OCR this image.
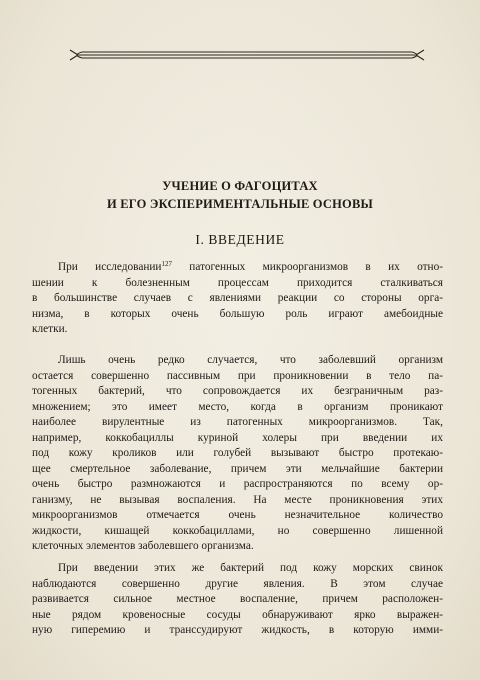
УЧЕНИЕ О ФАГОЦИТАХ
И ЕГО ЭКСПЕРИМЕНТАЛЬНЫЕ ОСНОВЫ
I. ВВЕДЕНИЕ
При исследовании$^{127}$ патогенных микроорганизмов в их отно-
шении к болезненным процессам приходится сталкиваться
в большинстве случаев с явлениями реакции со стороны орга-
низма, в которых очень большую роль играют амебоидные
клетки.
Лишь очень редко случается, что заболевший организм
остается совершенно пассивным при проникновении в тело па-
тогенных бактерий, что сопровождается их безграничным раз-
множением; это имеет место, когда в организм проникают
наиболее вирулентные из патогенных микроорганизмов. Так,
например, коккобациллы куриной холеры при введении их
под кожу кроликов или голубей вызывают быстро протекаю-
щее смертельное заболевание, причем эти мельчайшие бактерии
очень быстро размножаются и распространяются по всему ор-
ганизму, не вызывая воспаления. На месте проникновения этих
микроорганизмов отмечается очень незначительное количество
жидкости, кишащей коккобациллами, но совершенно лишенной
клеточных элементов заболевшего организма.
При введении этих же бактерий под кожу морских свинок
наблюдаются совершенно другие явления. В этом случае
развивается сильное местное воспаление, причем расположен-
ные рядом кровеносные сосуды обнаруживают ярко выражен-
ную гиперемию и транссудируют жидкость, в которую имми-
